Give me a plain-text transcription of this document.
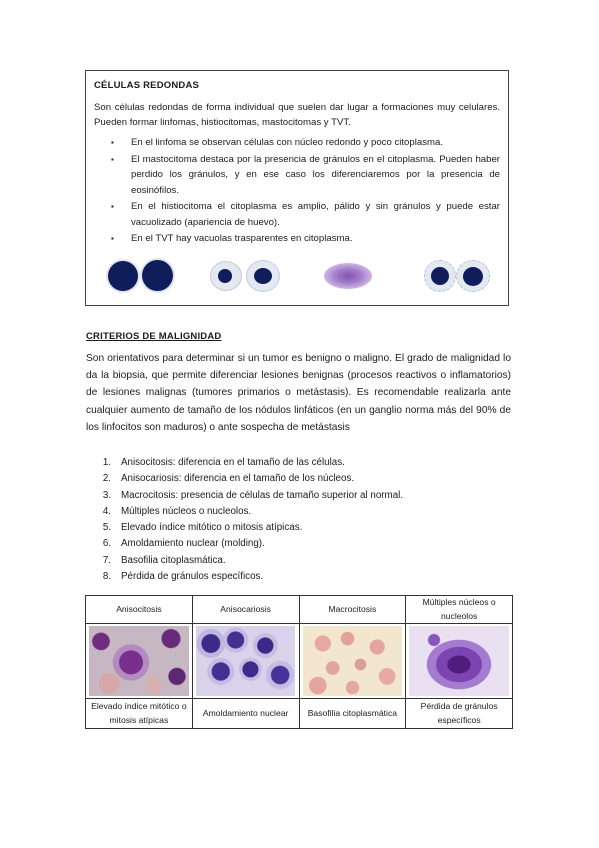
CÉLULAS REDONDAS

Son células redondas de forma individual que suelen dar lugar a formaciones muy celulares. Pueden formar linfomas, histiocitomas, mastocitomas y TVT.

▪ En el linfoma se observan células con núcleo redondo y poco citoplasma.
▪ El mastocitoma destaca por la presencia de gránulos en el citoplasma. Pueden haber perdido los gránulos, y en ese caso los diferenciaremos por la presencia de eosinófilos.
▪ En el histiocitoma el citoplasma es amplio, pálido y sin gránulos y puede estar vacuolizado (apariencia de huevo).
▪ En el TVT hay vacuolas trasparentes en citoplasma.
CRITERIOS DE MALIGNIDAD

Son orientativos para determinar si un tumor es benigno o maligno. El grado de malignidad lo da la biopsia, que permite diferenciar lesiones benignas (procesos reactivos o inflamatorios) de lesiones malignas (tumores primarios o metástasis). Es recomendable realizarla ante cualquier aumento de tamaño de los nódulos linfáticos (en un ganglio norma más del 90% de los linfocitos son maduros) o ante sospecha de metástasis

1. Anisocitosis: diferencia en el tamaño de las células.
2. Anisocariosis: diferencia en el tamaño de los núcleos.
3. Macrocitosis: presencia de células de tamaño superior al normal.
4. Múltiples núcleos o nucleolos.
5. Elevado índice mitótico o mitosis atípicas.
6. Amoldamiento nuclear (molding).
7. Basofilia citoplasmática.
8. Pérdida de gránulos específicos.
Anisocitosis	Anisocariosis	Macrocitosis	Múltiples núcleos o nucleolos

Elevado índice mitótico o mitosis atípicas	Amoldamiento nuclear	Basofilia citoplasmática	Pérdida de gránulos específicos
